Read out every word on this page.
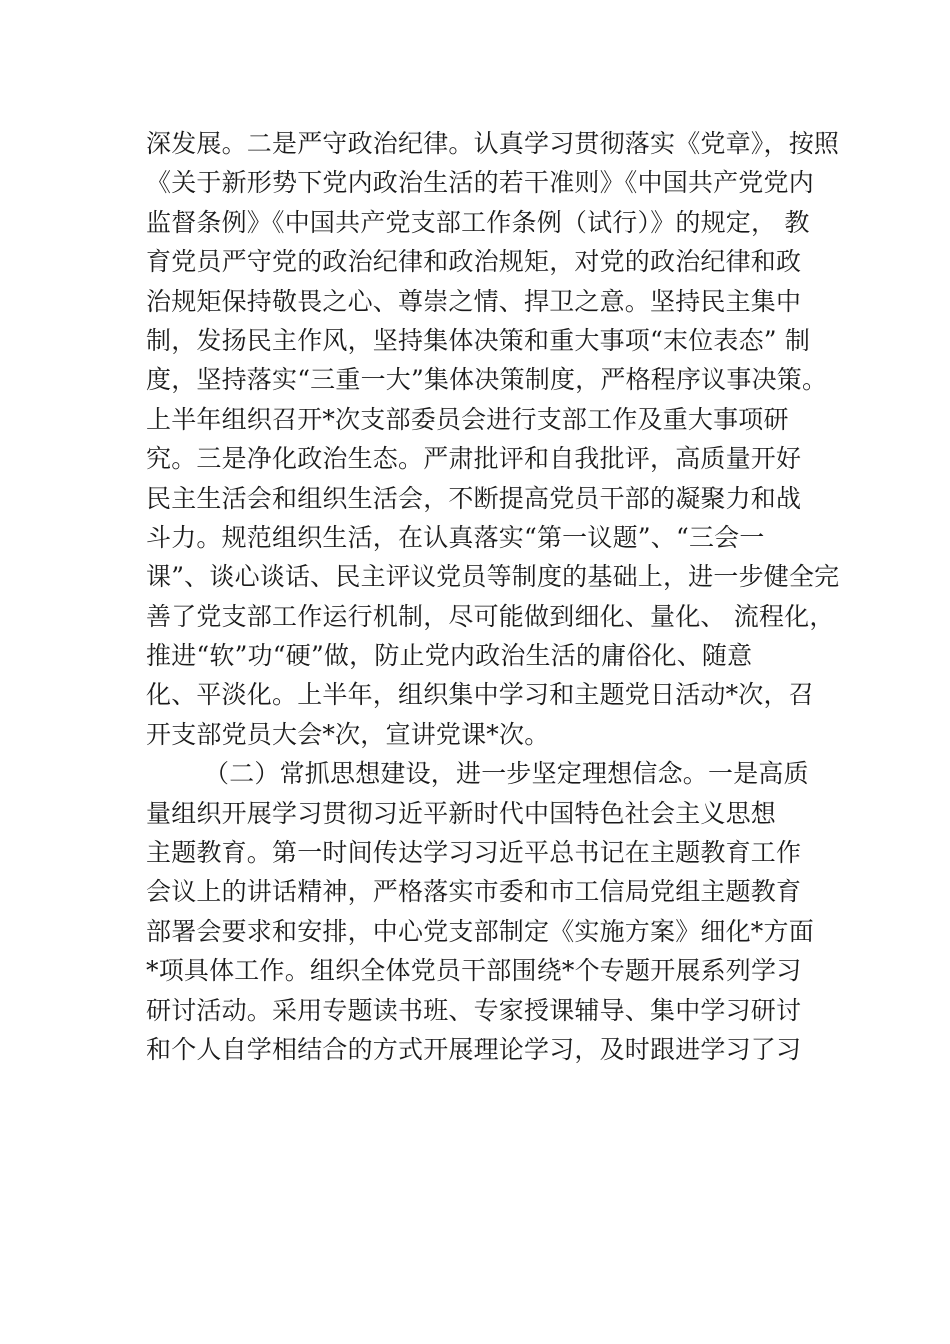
深发展。二是严守政治纪律。认真学习贯彻落实《党章》，按照
《关于新形势下党内政治生活的若干准则》《中国共产党党内
监督条例》《中国共产党支部工作条例（试行）》的规定， 教
育党员严守党的政治纪律和政治规矩，对党的政治纪律和政
治规矩保持敬畏之心、尊崇之情、捍卫之意。坚持民主集中
制，发扬民主作风，坚持集体决策和重大事项“末位表态” 制
度，坚持落实“三重一大”集体决策制度，严格程序议事决策。
上半年组织召开*次支部委员会进行支部工作及重大事项研
究。三是净化政治生态。严肃批评和自我批评，高质量开好
民主生活会和组织生活会，不断提高党员干部的凝聚力和战
斗力。规范组织生活，在认真落实“第一议题”、“三会一
课”、谈心谈话、民主评议党员等制度的基础上，进一步健全完
善了党支部工作运行机制，尽可能做到细化、量化、 流程化，
推进“软”功“硬”做，防止党内政治生活的庸俗化、随意
化、平淡化。上半年，组织集中学习和主题党日活动*次，召
开支部党员大会*次，宣讲党课*次。
（二）常抓思想建设，进一步坚定理想信念。一是高质
量组织开展学习贯彻习近平新时代中国特色社会主义思想
主题教育。第一时间传达学习习近平总书记在主题教育工作
会议上的讲话精神，严格落实市委和市工信局党组主题教育
部署会要求和安排，中心党支部制定《实施方案》细化*方面
*项具体工作。组织全体党员干部围绕*个专题开展系列学习
研讨活动。采用专题读书班、专家授课辅导、集中学习研讨
和个人自学相结合的方式开展理论学习，及时跟进学习了习
